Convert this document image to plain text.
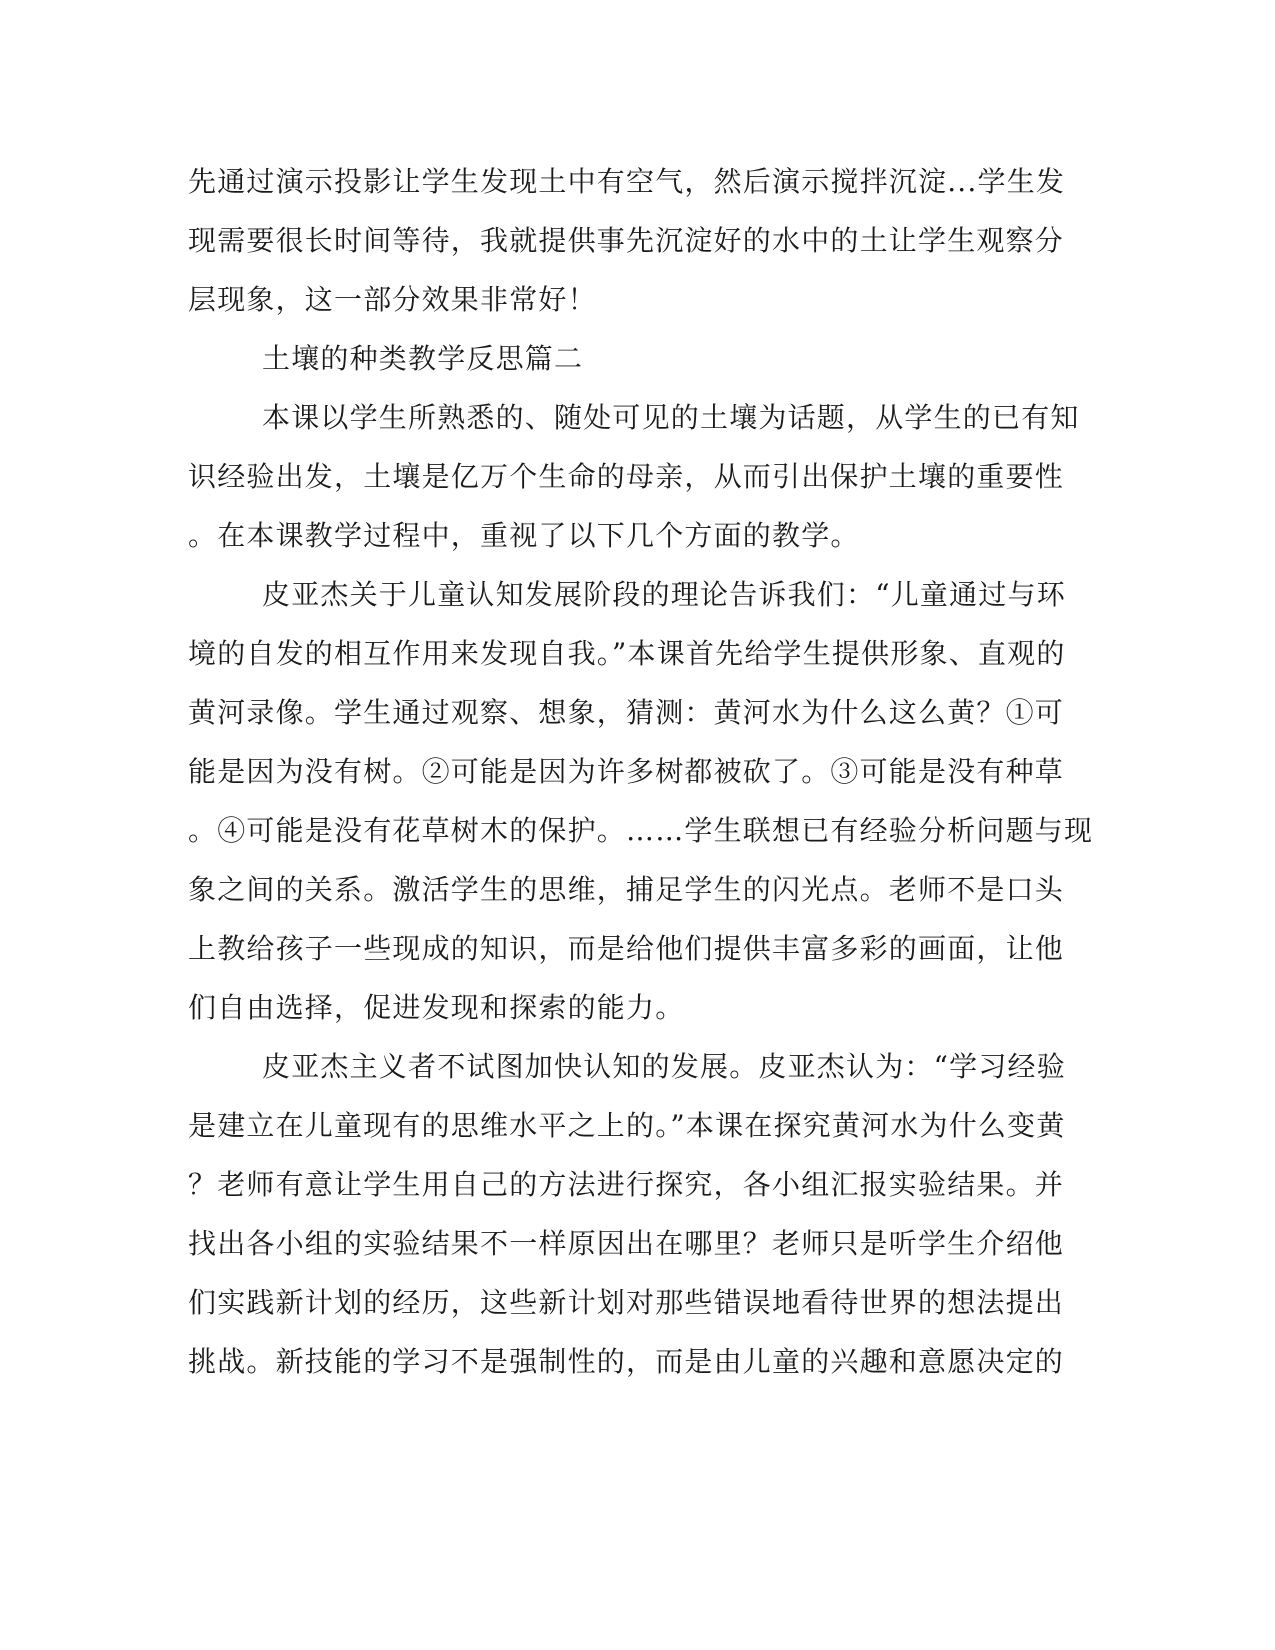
先通过演示投影让学生发现土中有空气，然后演示搅拌沉淀...学生发
现需要很长时间等待，我就提供事先沉淀好的水中的土让学生观察分
层现象，这一部分效果非常好！
土壤的种类教学反思篇二
本课以学生所熟悉的、随处可见的土壤为话题，从学生的已有知
识经验出发，土壤是亿万个生命的母亲，从而引出保护土壤的重要性
。在本课教学过程中，重视了以下几个方面的教学。
皮亚杰关于儿童认知发展阶段的理论告诉我们：“儿童通过与环
境的自发的相互作用来发现自我。”本课首先给学生提供形象、直观的
黄河录像。学生通过观察、想象，猜测：黄河水为什么这么黄？①可
能是因为没有树。②可能是因为许多树都被砍了。③可能是没有种草
。④可能是没有花草树木的保护。……学生联想已有经验分析问题与现
象之间的关系。激活学生的思维，捕足学生的闪光点。老师不是口头
上教给孩子一些现成的知识，而是给他们提供丰富多彩的画面，让他
们自由选择，促进发现和探索的能力。
皮亚杰主义者不试图加快认知的发展。皮亚杰认为：“学习经验
是建立在儿童现有的思维水平之上的。”本课在探究黄河水为什么变黄
？老师有意让学生用自己的方法进行探究，各小组汇报实验结果。并
找出各小组的实验结果不一样原因出在哪里？老师只是听学生介绍他
们实践新计划的经历，这些新计划对那些错误地看待世界的想法提出
挑战。新技能的学习不是强制性的，而是由儿童的兴趣和意愿决定的
